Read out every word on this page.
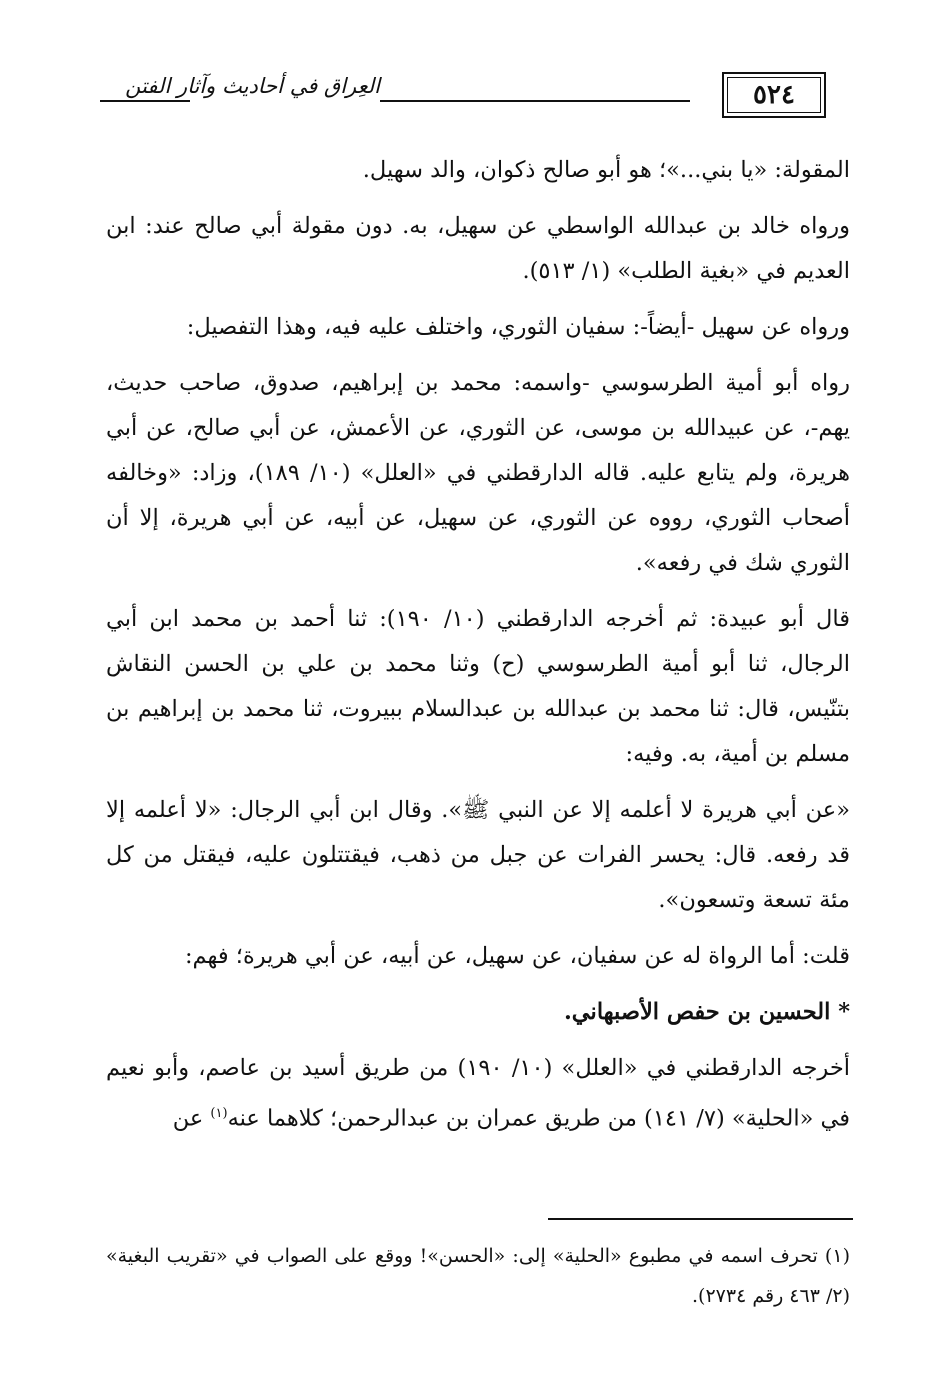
العِراق في أحاديث وآثار الفتن	٥٢٤

المقولة: «يا بني...»؛ هو أبو صالح ذكوان، والد سهيل.

ورواه خالد بن عبدالله الواسطي عن سهيل، به. دون مقولة أبي صالح عند: ابن العديم في «بغية الطلب» (١/ ٥١٣).

ورواه عن سهيل -أيضاً-: سفيان الثوري، واختلف عليه فيه، وهذا التفصيل:

رواه أبو أمية الطرسوسي -واسمه: محمد بن إبراهيم، صدوق، صاحب حديث، يهم-، عن عبيدالله بن موسى، عن الثوري، عن الأعمش، عن أبي صالح، عن أبي هريرة، ولم يتابع عليه. قاله الدارقطني في «العلل» (١٠/ ١٨٩)، وزاد: «وخالفه أصحاب الثوري، رووه عن الثوري، عن سهيل، عن أبيه، عن أبي هريرة، إلا أن الثوري شك في رفعه».

قال أبو عبيدة: ثم أخرجه الدارقطني (١٠/ ١٩٠): ثنا أحمد بن محمد ابن أبي الرجال، ثنا أبو أمية الطرسوسي (ح) وثنا محمد بن علي بن الحسن النقاش بتنّيس، قال: ثنا محمد بن عبدالله بن عبدالسلام ببيروت، ثنا محمد بن إبراهيم بن مسلم بن أمية، به. وفيه:

«عن أبي هريرة لا أعلمه إلا عن النبي ﷺ». وقال ابن أبي الرجال: «لا أعلمه إلا قد رفعه. قال: يحسر الفرات عن جبل من ذهب، فيقتتلون عليه، فيقتل من كل مئة تسعة وتسعون».

قلت: أما الرواة له عن سفيان، عن سهيل، عن أبيه، عن أبي هريرة؛ فهم:

* الحسين بن حفص الأصبهاني.

أخرجه الدارقطني في «العلل» (١٠/ ١٩٠) من طريق أسيد بن عاصم، وأبو نعيم في «الحلية» (٧/ ١٤١) من طريق عمران بن عبدالرحمن؛ كلاهما عنه$^{(١)}$ عن

(١) تحرف اسمه في مطبوع «الحلية» إلى: «الحسن»! ووقع على الصواب في «تقريب البغية» (٢/ ٤٦٣ رقم ٢٧٣٤).
